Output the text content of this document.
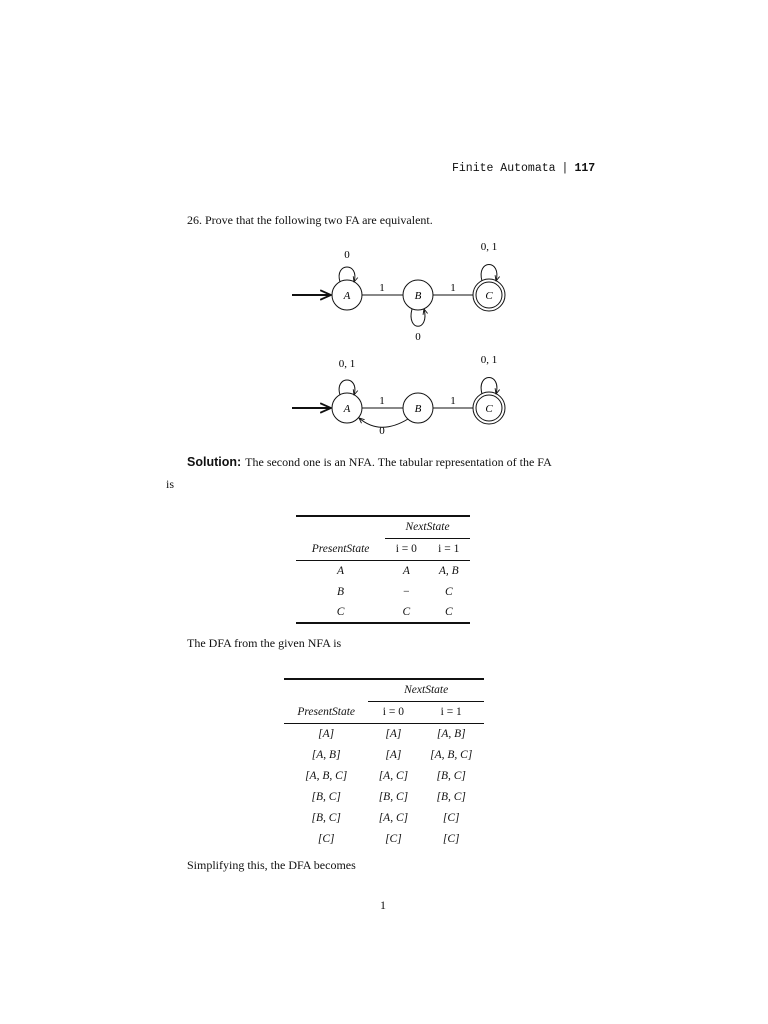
Finite Automata | 117
26. Prove that the following two FA are equivalent.
A
0
1
B
0
1
C
0, 1
A
0, 1
1
0
B
1
C
0, 1
Solution: The second one is an NFA. The tabular representation of the FA
is
	NextState	
PresentState	i = 0	i = 1
A	A	A, B
B	−	C
C	C	C
The DFA from the given NFA is
	NextState	
PresentState	i = 0	i = 1
[A]	[A]	[A, B]
[A, B]	[A]	[A, B, C]
[A, B, C]	[A, C]	[B, C]
[B, C]	[B, C]	[B, C]
[B, C]	[A, C]	[C]
[C]	[C]	[C]
Simplifying this, the DFA becomes
1
